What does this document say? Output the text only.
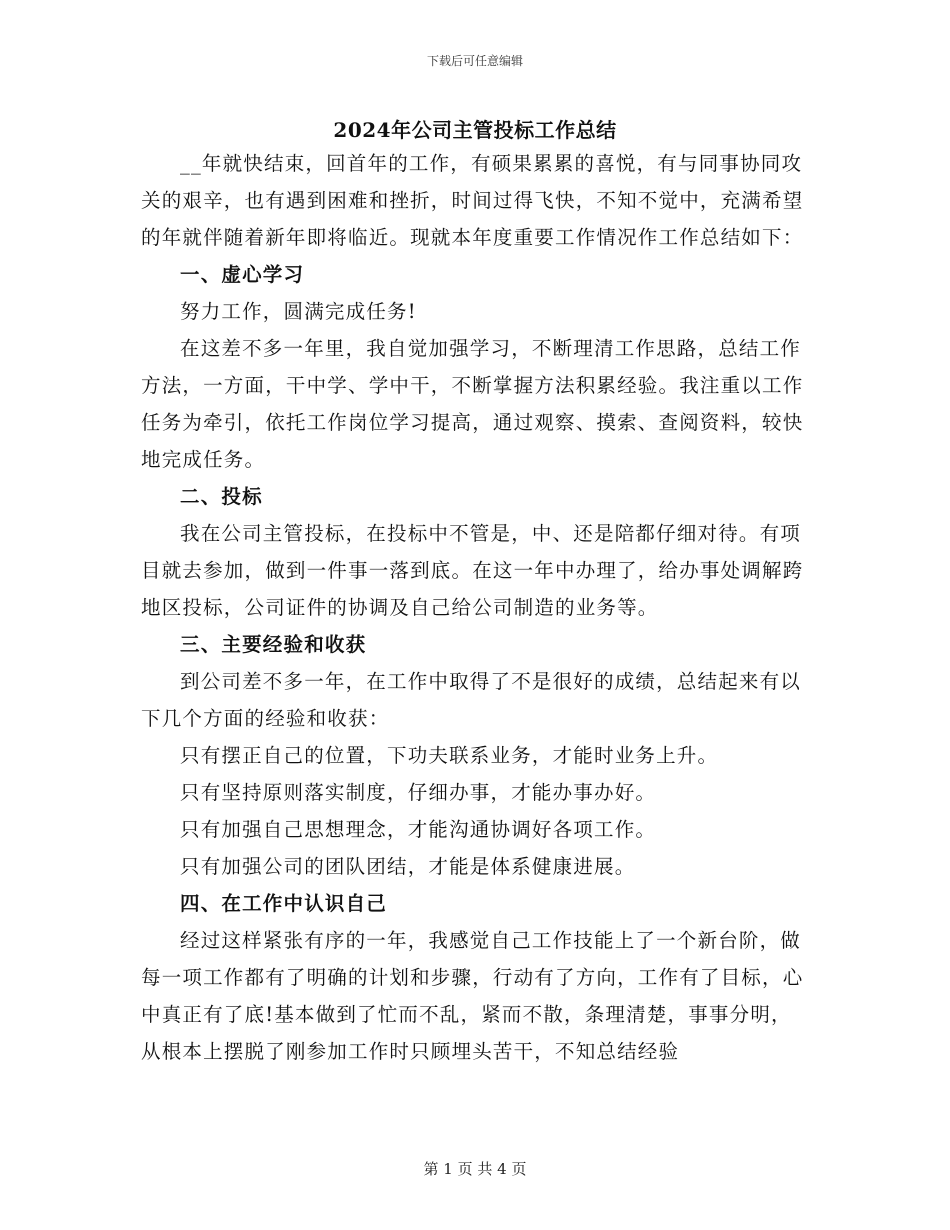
下载后可任意编辑
2024年公司主管投标工作总结

__年就快结束，回首年的工作，有硕果累累的喜悦，有与同事协同攻关的艰辛，也有遇到困难和挫折，时间过得飞快，不知不觉中，充满希望的年就伴随着新年即将临近。现就本年度重要工作情况作工作总结如下：

一、虚心学习

努力工作，圆满完成任务!

在这差不多一年里，我自觉加强学习，不断理清工作思路，总结工作方法，一方面，干中学、学中干，不断掌握方法积累经验。我注重以工作任务为牵引，依托工作岗位学习提高，通过观察、摸索、查阅资料，较快地完成任务。

二、投标

我在公司主管投标，在投标中不管是，中、还是陪都仔细对待。有项目就去参加，做到一件事一落到底。在这一年中办理了，给办事处调解跨地区投标，公司证件的协调及自己给公司制造的业务等。

三、主要经验和收获

到公司差不多一年，在工作中取得了不是很好的成绩，总结起来有以下几个方面的经验和收获：

只有摆正自己的位置，下功夫联系业务，才能时业务上升。

只有坚持原则落实制度，仔细办事，才能办事办好。

只有加强自己思想理念，才能沟通协调好各项工作。

只有加强公司的团队团结，才能是体系健康进展。

四、在工作中认识自己

经过这样紧张有序的一年，我感觉自己工作技能上了一个新台阶，做每一项工作都有了明确的计划和步骤，行动有了方向，工作有了目标，心中真正有了底!基本做到了忙而不乱，紧而不散，条理清楚，事事分明，从根本上摆脱了刚参加工作时只顾埋头苦干，不知总结经验

第 1 页 共 4 页
